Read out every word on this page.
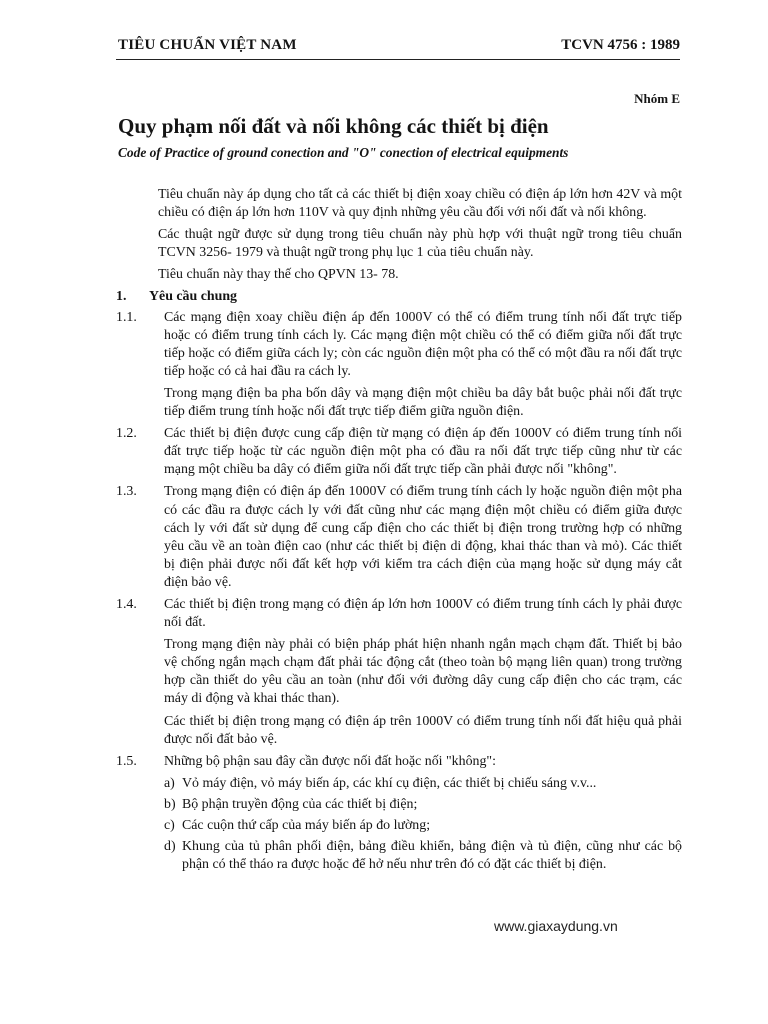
TIÊU CHUẨN VIỆT NAM	TCVN 4756 : 1989
Nhóm E
Quy phạm nối đất và nối không các thiết bị điện
Code of Practice of ground conection and "O" conection of electrical equipments

Tiêu chuẩn này áp dụng cho tất cả các thiết bị điện xoay chiều có điện áp lớn hơn 42V và một chiều có điện áp lớn hơn 110V và quy định những yêu cầu đối với nối đất và nối không.

Các thuật ngữ được sử dụng trong tiêu chuẩn này phù hợp với thuật ngữ trong tiêu chuẩn TCVN 3256- 1979 và thuật ngữ trong phụ lục 1 của tiêu chuẩn này.

Tiêu chuẩn này thay thế cho QPVN 13- 78.

1.	Yêu cầu chung
1.1.	Các mạng điện xoay chiều điện áp đến 1000V có thể có điểm trung tính nối đất trực tiếp hoặc có điểm trung tính cách ly. Các mạng điện một chiều có thể có điểm giữa nối đất trực tiếp hoặc có điểm giữa cách ly; còn các nguồn điện một pha có thể có một đầu ra nối đất trực tiếp hoặc có cả hai đầu ra cách ly.

Trong mạng điện ba pha bốn dây và mạng điện một chiều ba dây bắt buộc phải nối đất trực tiếp điểm trung tính hoặc nối đất trực tiếp điểm giữa nguồn điện.

1.2.	Các thiết bị điện được cung cấp điện từ mạng có điện áp đến 1000V có điểm trung tính nối đất trực tiếp hoặc từ các nguồn điện một pha có đầu ra nối đất trực tiếp cũng như từ các mạng một chiều ba dây có điểm giữa nối đất trực tiếp cần phải được nối "không".
1.3.	Trong mạng điện có điện áp đến 1000V có điểm trung tính cách ly hoặc nguồn điện một pha có các đầu ra được cách ly với đất cũng như các mạng điện một chiều có điểm giữa được cách ly với đất sử dụng để cung cấp điện cho các thiết bị điện trong trường hợp có những yêu cầu về an toàn điện cao (như các thiết bị điện di động, khai thác than và mỏ). Các thiết bị điện phải được nối đất kết hợp với kiểm tra cách điện của mạng hoặc sử dụng máy cắt điện bảo vệ.
1.4.	Các thiết bị điện trong mạng có điện áp lớn hơn 1000V có điểm trung tính cách ly phải được nối đất.

Trong mạng điện này phải có biện pháp phát hiện nhanh ngắn mạch chạm đất. Thiết bị bảo vệ chống ngắn mạch chạm đất phải tác động cắt (theo toàn bộ mạng liên quan) trong trường hợp cần thiết do yêu cầu an toàn (như đối với đường dây cung cấp điện cho các trạm, các máy di động và khai thác than).

Các thiết bị điện trong mạng có điện áp trên 1000V có điểm trung tính nối đất hiệu quả phải được nối đất bảo vệ.

1.5.	Những bộ phận sau đây cần được nối đất hoặc nối "không":
a) Vỏ máy điện, vỏ máy biến áp, các khí cụ điện, các thiết bị chiếu sáng v.v...
b) Bộ phận truyền động của các thiết bị điện;
c) Các cuộn thứ cấp của máy biến áp đo lường;
d) Khung của tủ phân phối điện, bảng điều khiển, bảng điện và tủ điện, cũng như các bộ phận có thể tháo ra được hoặc để hở nếu như trên đó có đặt các thiết bị điện.
www.giaxaydung.vn
